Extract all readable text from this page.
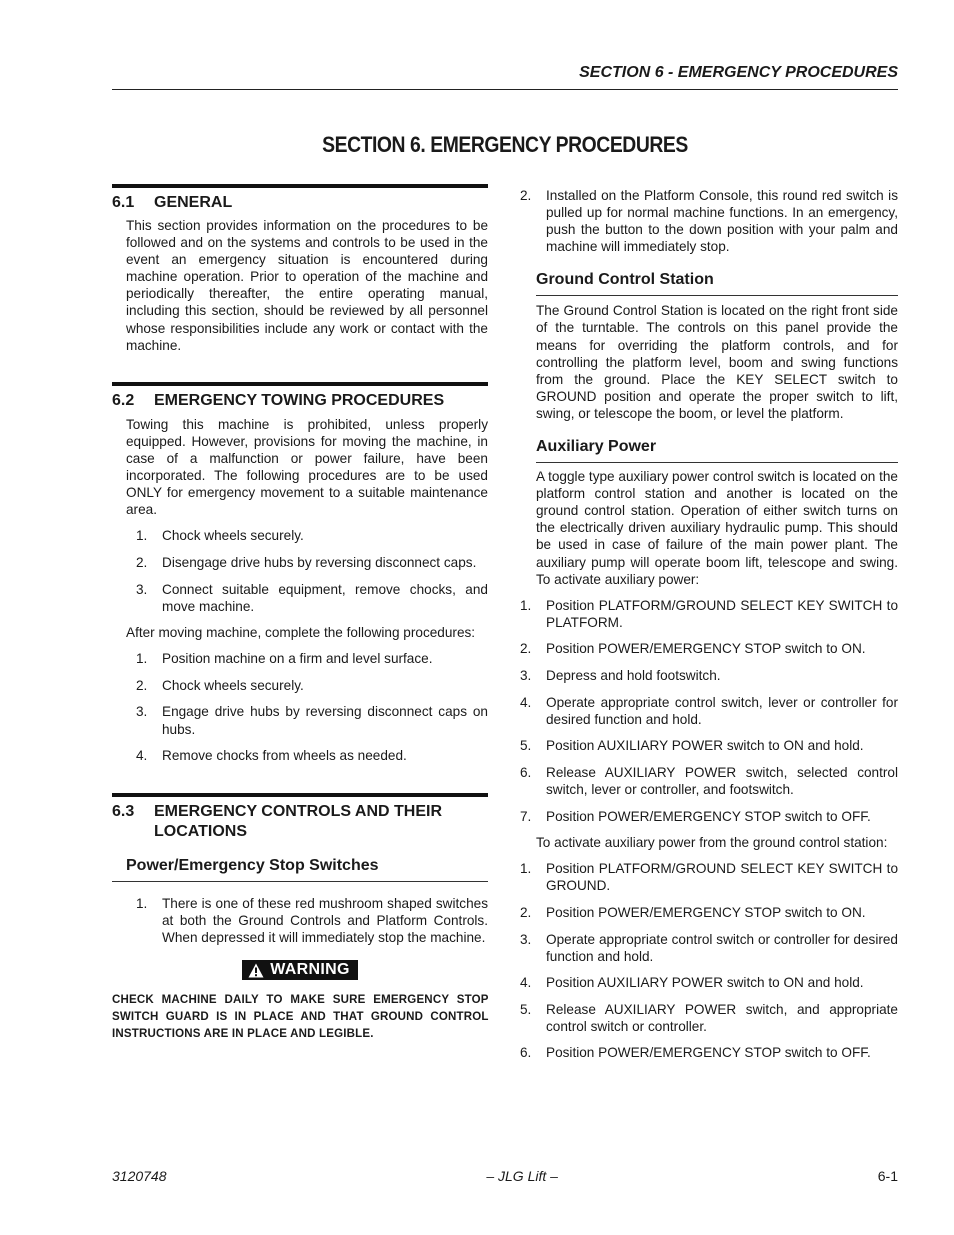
SECTION 6 - EMERGENCY PROCEDURES
SECTION 6. EMERGENCY PROCEDURES
6.1	GENERAL

This section provides information on the procedures to be followed and on the systems and controls to be used in the event an emergency situation is encountered during machine operation. Prior to operation of the machine and periodically thereafter, the entire operating manual, including this section, should be reviewed by all personnel whose responsibilities include any work or contact with the machine.

6.2	EMERGENCY TOWING PROCEDURES

Towing this machine is prohibited, unless properly equipped. However, provisions for moving the machine, in case of a malfunction or power failure, have been incorporated. The following procedures are to be used ONLY for emergency movement to a suitable maintenance area.

1.	Chock wheels securely.
2.	Disengage drive hubs by reversing disconnect caps.
3.	Connect suitable equipment, remove chocks, and move machine.

After moving machine, complete the following procedures:

1.	Position machine on a firm and level surface.
2.	Chock wheels securely.
3.	Engage drive hubs by reversing disconnect caps on hubs.
4.	Remove chocks from wheels as needed.
6.3	EMERGENCY CONTROLS AND THEIR LOCATIONS
Power/Emergency Stop Switches
1.	There is one of these red mushroom shaped switches at both the Ground Controls and Platform Controls. When depressed it will immediately stop the machine.
WARNING
CHECK MACHINE DAILY TO MAKE SURE EMERGENCY STOP SWITCH GUARD IS IN PLACE AND THAT GROUND CONTROL INSTRUCTIONS ARE IN PLACE AND LEGIBLE.
2.	Installed on the Platform Console, this round red switch is pulled up for normal machine functions. In an emergency, push the button to the down position with your palm and machine will immediately stop.
Ground Control Station

The Ground Control Station is located on the right front side of the turntable. The controls on this panel provide the means for overriding the platform controls, and for controlling the platform level, boom and swing functions from the ground. Place the KEY SELECT switch to GROUND position and operate the proper switch to lift, swing, or telescope the boom, or level the platform.

Auxiliary Power

A toggle type auxiliary power control switch is located on the platform control station and another is located on the ground control station. Operation of either switch turns on the electrically driven auxiliary hydraulic pump. This should be used in case of failure of the main power plant. The auxiliary pump will operate boom lift, telescope and swing. To activate auxiliary power:

1.	Position PLATFORM/GROUND SELECT KEY SWITCH to PLATFORM.
2.	Position POWER/EMERGENCY STOP switch to ON.
3.	Depress and hold footswitch.
4.	Operate appropriate control switch, lever or controller for desired function and hold.
5.	Position AUXILIARY POWER switch to ON and hold.
6.	Release AUXILIARY POWER switch, selected control switch, lever or controller, and footswitch.
7.	Position POWER/EMERGENCY STOP switch to OFF.

To activate auxiliary power from the ground control station:

1.	Position PLATFORM/GROUND SELECT KEY SWITCH to GROUND.
2.	Position POWER/EMERGENCY STOP switch to ON.
3.	Operate appropriate control switch or controller for desired function and hold.
4.	Position AUXILIARY POWER switch to ON and hold.
5.	Release AUXILIARY POWER switch, and appropriate control switch or controller.
6.	Position POWER/EMERGENCY STOP switch to OFF.
3120748	– JLG Lift –	6-1
